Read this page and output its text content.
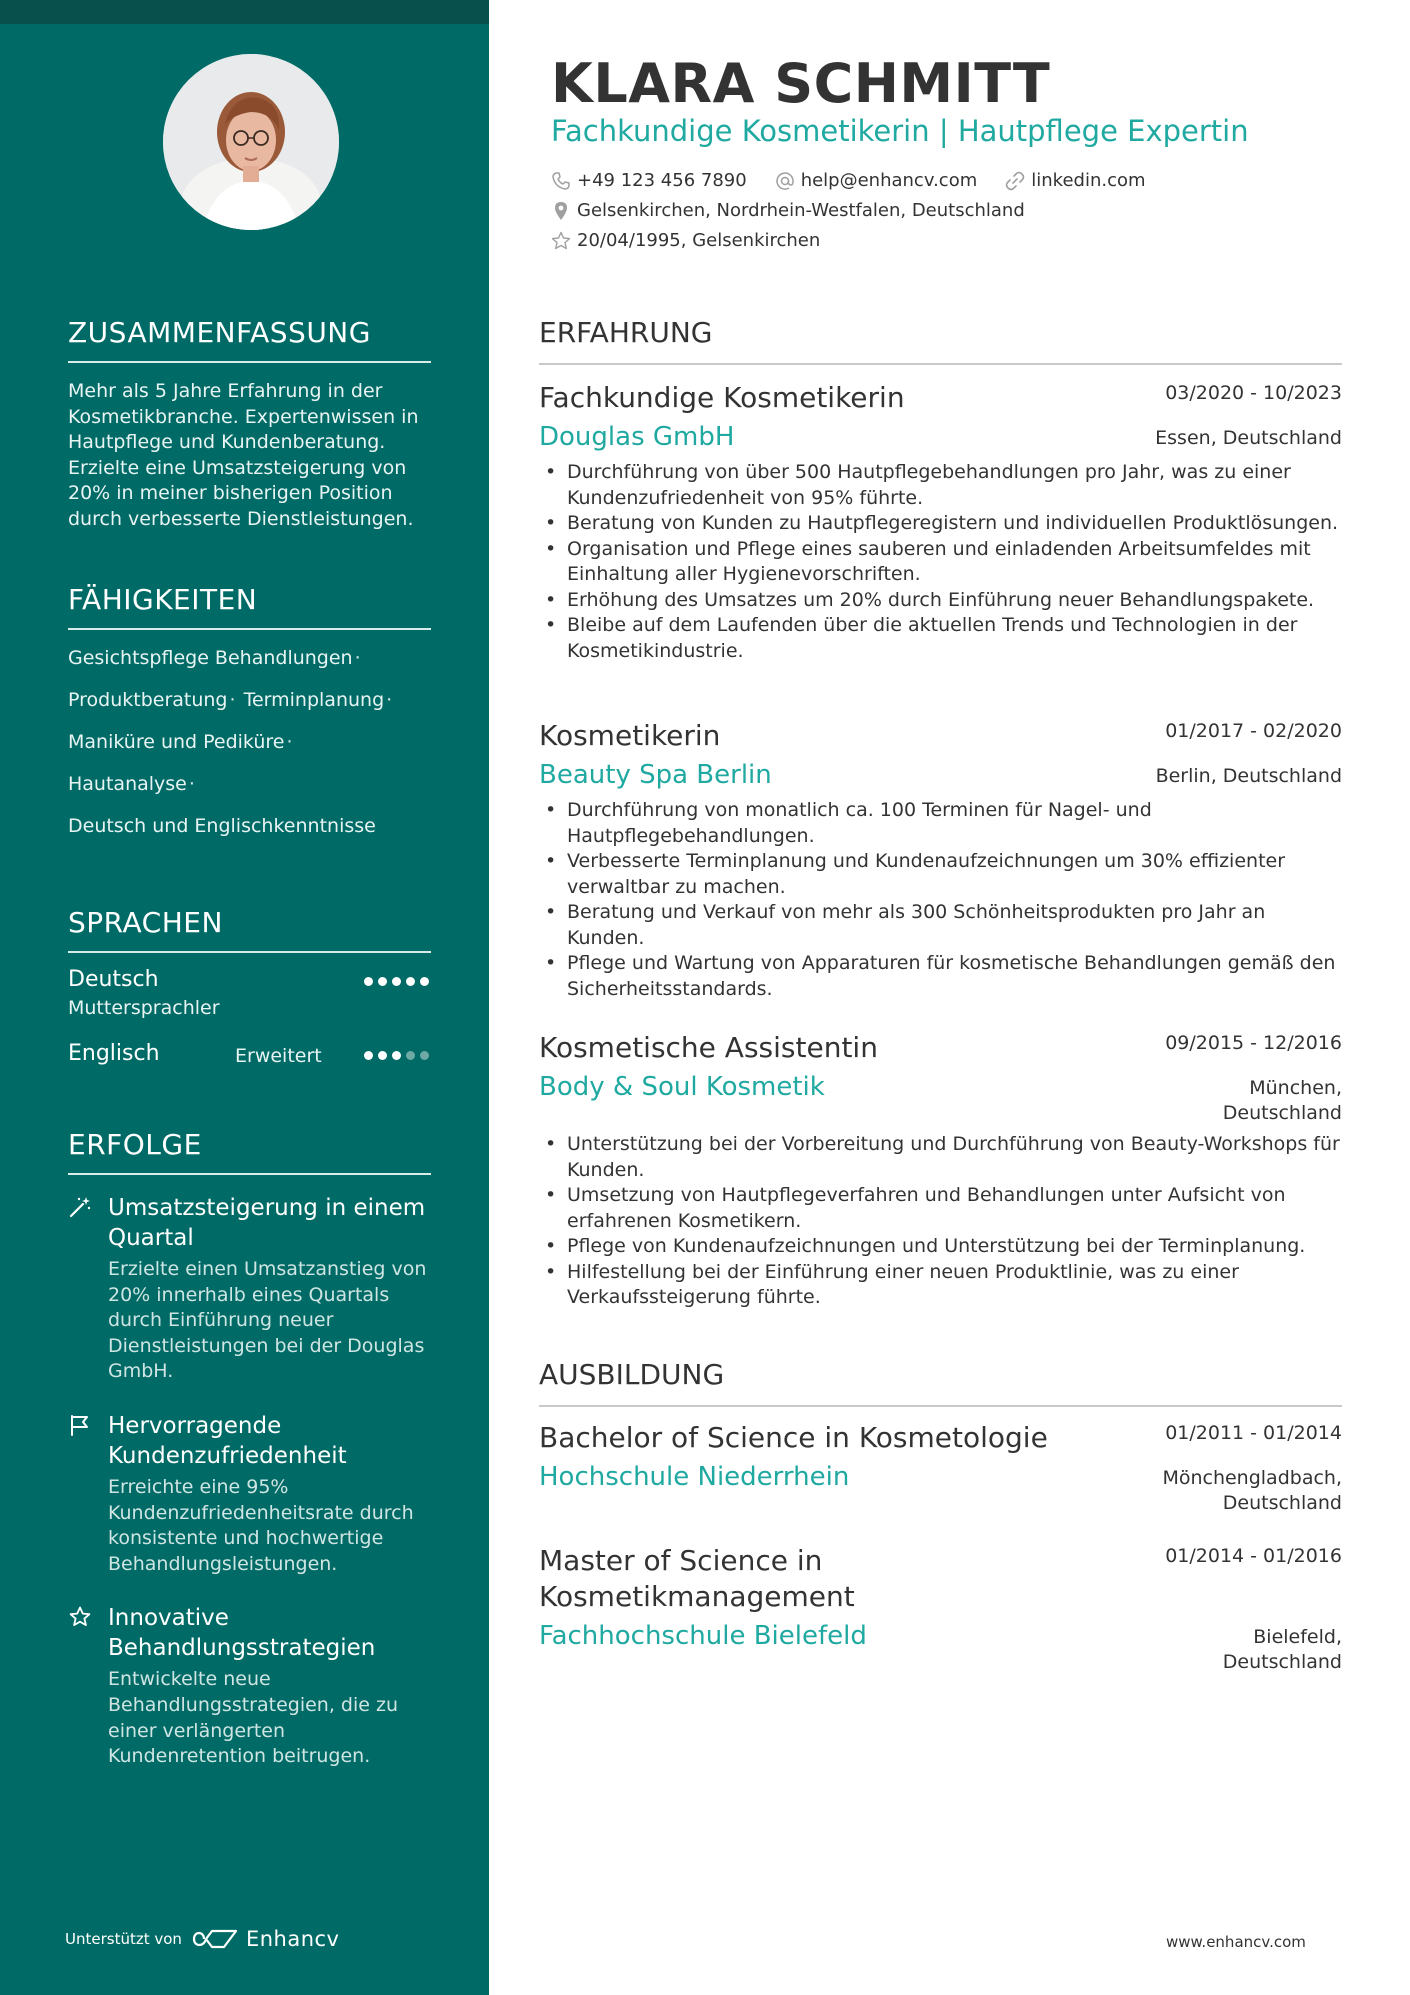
ZUSAMMENFASSUNG
Mehr als 5 Jahre Erfahrung in der Kosmetikbranche. Expertenwissen in Hautpflege und Kundenberatung. Erzielte eine Umsatzsteigerung von 20% in meiner bisherigen Position durch verbesserte Dienstleistungen.
FÄHIGKEITEN
Gesichtspflege Behandlungen ·
Produktberatung · Terminplanung ·
Maniküre und Pediküre ·
Hautanalyse ·
Deutsch und Englischkenntnisse
SPRACHEN
Deutsch
Muttersprachler
Englisch	Erweitert
ERFOLGE
Umsatzsteigerung in einem Quartal
Erzielte einen Umsatzanstieg von 20% innerhalb eines Quartals durch Einführung neuer Dienstleistungen bei der Douglas GmbH.
Hervorragende Kundenzufriedenheit
Erreichte eine 95% Kundenzufriedenheitsrate durch konsistente und hochwertige Behandlungsleistungen.
Innovative Behandlungsstrategien
Entwickelte neue Behandlungsstrategien, die zu einer verlängerten Kundenretention beitrugen.
Unterstützt von	Enhancv
KLARA SCHMITT
Fachkundige Kosmetikerin | Hautpflege Expertin
+49 123 456 7890	help@enhancv.com	linkedin.com
Gelsenkirchen, Nordrhein-Westfalen, Deutschland
20/04/1995, Gelsenkirchen
ERFAHRUNG
Fachkundige Kosmetikerin	03/2020 - 10/2023
Douglas GmbH	Essen, Deutschland
• Durchführung von über 500 Hautpflegebehandlungen pro Jahr, was zu einer Kundenzufriedenheit von 95% führte.
• Beratung von Kunden zu Hautpflegeregistern und individuellen Produktlösungen.
• Organisation und Pflege eines sauberen und einladenden Arbeitsumfeldes mit Einhaltung aller Hygienevorschriften.
• Erhöhung des Umsatzes um 20% durch Einführung neuer Behandlungspakete.
• Bleibe auf dem Laufenden über die aktuellen Trends und Technologien in der Kosmetikindustrie.
Kosmetikerin	01/2017 - 02/2020
Beauty Spa Berlin	Berlin, Deutschland
• Durchführung von monatlich ca. 100 Terminen für Nagel- und Hautpflegebehandlungen.
• Verbesserte Terminplanung und Kundenaufzeichnungen um 30% effizienter verwaltbar zu machen.
• Beratung und Verkauf von mehr als 300 Schönheitsprodukten pro Jahr an Kunden.
• Pflege und Wartung von Apparaturen für kosmetische Behandlungen gemäß den Sicherheitsstandards.
Kosmetische Assistentin	09/2015 - 12/2016
Body & Soul Kosmetik	München, Deutschland
• Unterstützung bei der Vorbereitung und Durchführung von Beauty-Workshops für Kunden.
• Umsetzung von Hautpflegeverfahren und Behandlungen unter Aufsicht von erfahrenen Kosmetikern.
• Pflege von Kundenaufzeichnungen und Unterstützung bei der Terminplanung.
• Hilfestellung bei der Einführung einer neuen Produktlinie, was zu einer Verkaufssteigerung führte.
AUSBILDUNG
Bachelor of Science in Kosmetologie	01/2011 - 01/2014
Hochschule Niederrhein	Mönchengladbach, Deutschland
Master of Science in Kosmetikmanagement
01/2014 - 01/2016
Fachhochschule Bielefeld	Bielefeld, Deutschland
www.enhancv.com
